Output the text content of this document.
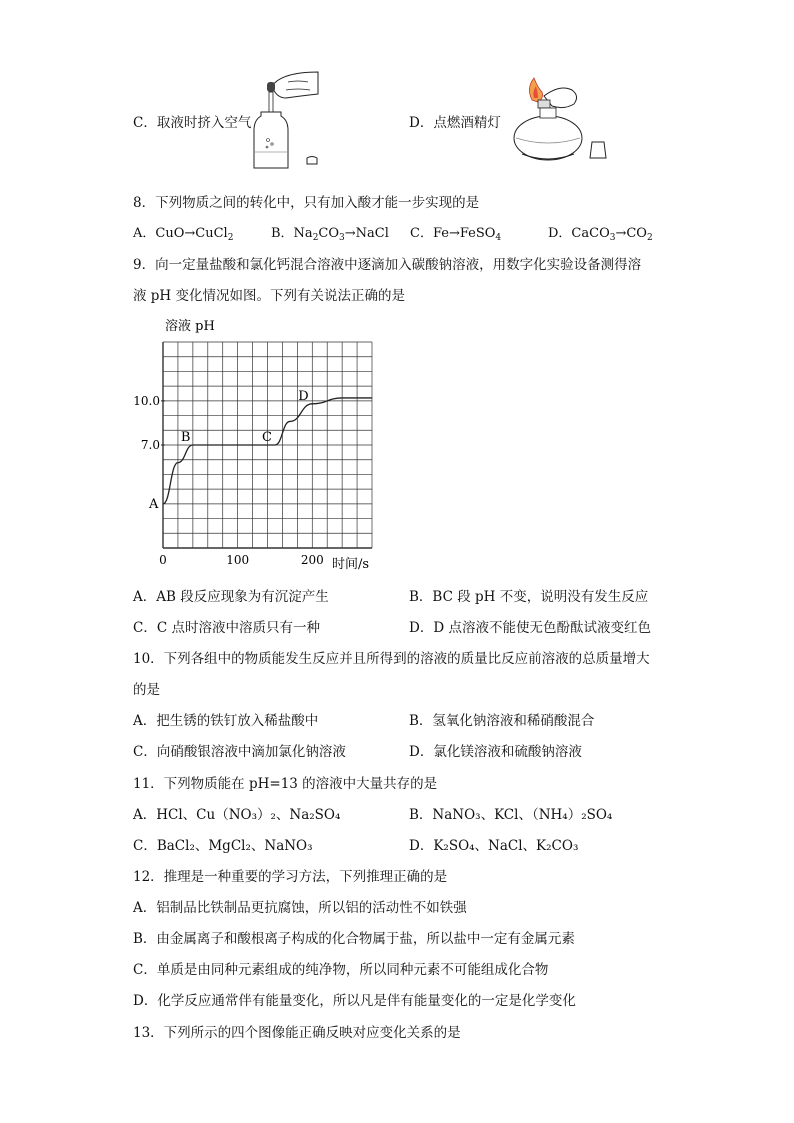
C．取液时挤入空气	D．点燃酒精灯
8．下列物质之间的转化中，只有加入酸才能一步实现的是
A．CuO→CuCl$_2$	B．$Na_2CO_3\to NaCl$ C．Fe→FeSO$_4$	D．$CaCO_3\to CO_2$
9．向一定量盐酸和氯化钙混合溶液中逐滴加入碳酸钠溶液，用数字化实验设备测得溶
液 pH 变化情况如图。下列有关说法正确的是
0	100	200
7.0
10.0
A
B	C
D
溶液 pH
时间/s
A．AB 段反应现象为有沉淀产生	B．BC 段 pH 不变，说明没有发生反应
C．C 点时溶液中溶质只有一种	D．D 点溶液不能使无色酚酞试液变红色
10．下列各组中的物质能发生反应并且所得到的溶液的质量比反应前溶液的总质量增大
的是
A．把生锈的铁钉放入稀盐酸中	B．氢氧化钠溶液和稀硝酸混合
C．向硝酸银溶液中滴加氯化钠溶液	D．氯化镁溶液和硫酸钠溶液
11．下列物质能在 pH=13 的溶液中大量共存的是
A．HCl、Cu（NO₃）₂、Na₂SO₄	B．NaNO₃、KCl、（NH₄）₂SO₄
C．BaCl₂、MgCl₂、NaNO₃	D．K₂SO₄、NaCl、K₂CO₃
12．推理是一种重要的学习方法，下列推理正确的是
A．铝制品比铁制品更抗腐蚀，所以铝的活动性不如铁强
B．由金属离子和酸根离子构成的化合物属于盐，所以盐中一定有金属元素
C．单质是由同种元素组成的纯净物，所以同种元素不可能组成化合物
D．化学反应通常伴有能量变化，所以凡是伴有能量变化的一定是化学变化
13．下列所示的四个图像能正确反映对应变化关系的是
